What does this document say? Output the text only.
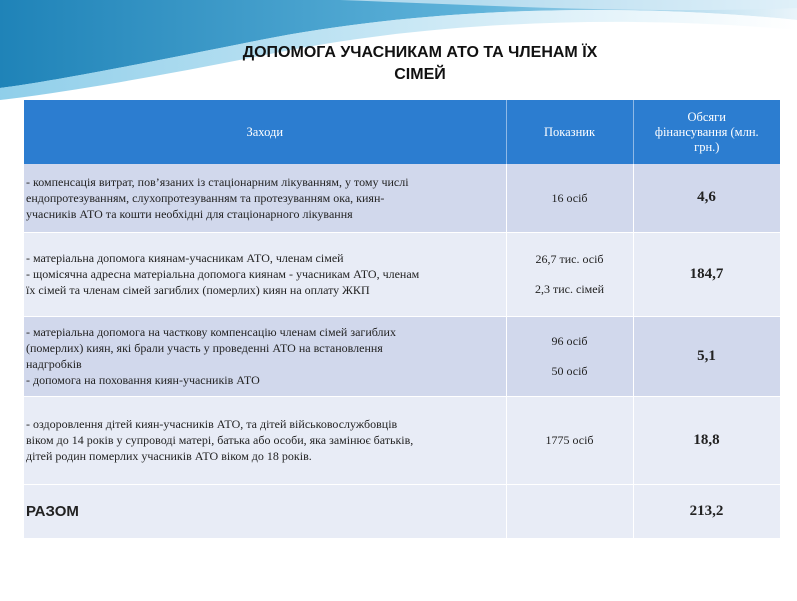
ДОПОМОГА УЧАСНИКАМ АТО ТА ЧЛЕНАМ ЇХ
СІМЕЙ
Заходи	Показник	Обсяги
фінансування (млн.
грн.)

- компенсація витрат, пов’язаних із стаціонарним лікуванням, у тому числі
ендопротезуванням, слухопротезуванням та протезуванням ока, киян-
учасників АТО та кошти необхідні для стаціонарного лікування	16 осіб	4,6

- матеріальна допомога киянам-учасникам АТО, членам сімей
- щомісячна адресна матеріальна допомога киянам - учасникам АТО, членам
їх сімей та членам сімей загиблих (померлих) киян на оплату ЖКП	26,7 тис. осіб
2,3 тис. сімей	184,7

- матеріальна допомога на часткову компенсацію членам сімей загиблих
(померлих) киян, які брали участь у проведенні АТО на встановлення
надгробків
- допомога на поховання киян-учасників АТО	96 осіб
50 осіб	5,1

- оздоровлення дітей киян-учасників АТО, та дітей військовослужбовців
віком до 14 років у супроводі матері, батька або особи, яка замінює батьків,
дітей родин померлих учасників АТО віком до 18 років.	1775 осіб	18,8
РАЗОМ		213,2
